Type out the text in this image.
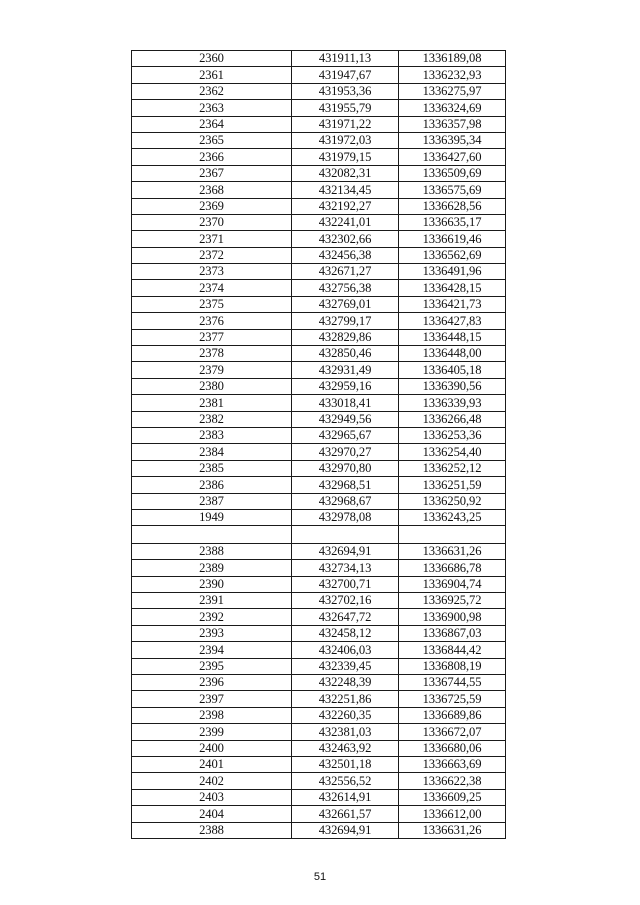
2360	431911,13	1336189,08
2361	431947,67	1336232,93
2362	431953,36	1336275,97
2363	431955,79	1336324,69
2364	431971,22	1336357,98
2365	431972,03	1336395,34
2366	431979,15	1336427,60
2367	432082,31	1336509,69
2368	432134,45	1336575,69
2369	432192,27	1336628,56
2370	432241,01	1336635,17
2371	432302,66	1336619,46
2372	432456,38	1336562,69
2373	432671,27	1336491,96
2374	432756,38	1336428,15
2375	432769,01	1336421,73
2376	432799,17	1336427,83
2377	432829,86	1336448,15
2378	432850,46	1336448,00
2379	432931,49	1336405,18
2380	432959,16	1336390,56
2381	433018,41	1336339,93
2382	432949,56	1336266,48
2383	432965,67	1336253,36
2384	432970,27	1336254,40
2385	432970,80	1336252,12
2386	432968,51	1336251,59
2387	432968,67	1336250,92
1949	432978,08	1336243,25

2388	432694,91	1336631,26
2389	432734,13	1336686,78
2390	432700,71	1336904,74
2391	432702,16	1336925,72
2392	432647,72	1336900,98
2393	432458,12	1336867,03
2394	432406,03	1336844,42
2395	432339,45	1336808,19
2396	432248,39	1336744,55
2397	432251,86	1336725,59
2398	432260,35	1336689,86
2399	432381,03	1336672,07
2400	432463,92	1336680,06
2401	432501,18	1336663,69
2402	432556,52	1336622,38
2403	432614,91	1336609,25
2404	432661,57	1336612,00
2388	432694,91	1336631,26
51
